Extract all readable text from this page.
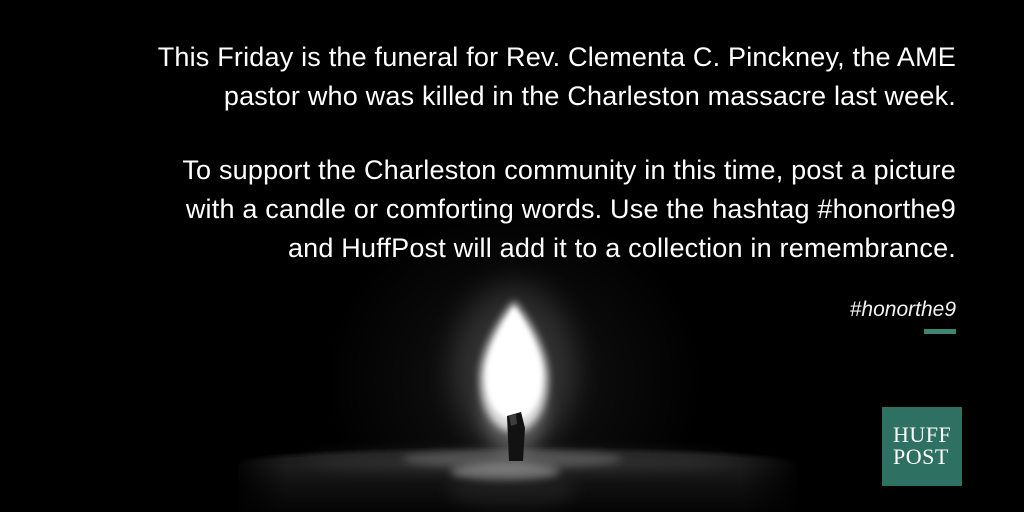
This Friday is the funeral for Rev. Clementa C. Pinckney, the AME
pastor who was killed in the Charleston massacre last week.
To support the Charleston community in this time, post a picture
with a candle or comforting words. Use the hashtag #honorthe9
and HuffPost will add it to a collection in remembrance.
#honorthe9
HUFF
POST
